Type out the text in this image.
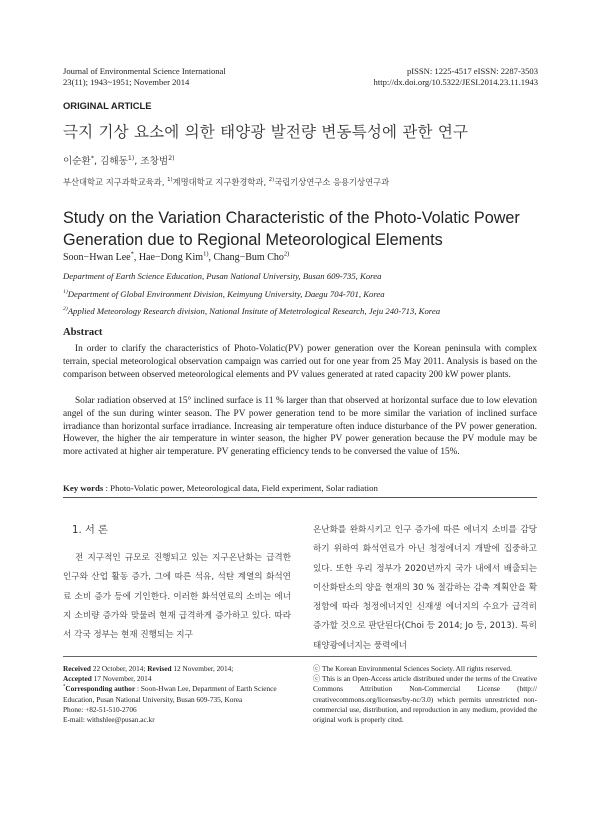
Journal of Environmental Science International
23(11); 1943~1951; November 2014
pISSN: 1225-4517 eISSN: 2287-3503
http://dx.doi.org/10.5322/JESI.2014.23.11.1943
ORIGINAL ARTICLE
극지 기상 요소에 의한 태양광 발전량 변동특성에 관한 연구
이순환*, 김해동$^{1)}$, 조창범$^{2)}$
부산대학교 지구과학교육과, $^{1)}$계명대학교 지구환경학과, $^{2)}$국립기상연구소 응용기상연구과
Study on the Variation Characteristic of the Photo-Volatic Power Generation due to Regional Meteorological Elements
Soon−Hwan Lee*, Hae−Dong Kim$^{1)}$, Chang−Bum Cho$^{2)}$
Department of Earth Science Education, Pusan National University, Busan 609-735, Korea
$^{1)}$Department of Global Environment Division, Keimyung University, Daegu 704-701, Korea
$^{2)}$Applied Meteorology Research division, National Insitute of Metetrological Research, Jeju 240-713, Korea
Abstract
In order to clarify the characteristics of Photo-Volatic(PV) power generation over the Korean peninsula with complex terrain, special meteorological observation campaign was carried out for one year from 25 May 2011. Analysis is based on the comparison between observed meteorological elements and PV values generated at rated capacity 200 kW power plants.
Solar radiation observed at 15° inclined surface is 11 % larger than that observed at horizontal surface due to low elevation angel of the sun during winter season. The PV power generation tend to be more similar the variation of inclined surface irradiance than horizontal surface irradiance. Increasing air temperature often induce disturbance of the PV power generation. However, the higher the air temperature in winter season, the higher PV power generation because the PV module may be more activated at higher air temperature. PV generating efficiency tends to be conversed the value of 15%.
Key words : Photo-Volatic power, Meteorological data, Field experiment, Solar radiation
1. 서 론
전 지구적인 규모로 진행되고 있는 지구온난화는 급격한 인구와 산업 활동 증가, 그에 따른 석유, 석탄 계열의 화석연료 소비 증가 등에 기인한다. 이러한 화석연료의 소비는 에너지 소비량 증가와 맞물려 현재 급격하게 증가하고 있다. 따라서 각국 정부는 현재 진행되는 지구
온난화를 완화시키고 인구 증가에 따른 에너지 소비를 감당하기 위하여 화석연료가 아닌 청정에너지 개발에 집중하고 있다. 또한 우리 정부가 2020년까지 국가 내에서 배출되는 이산화탄소의 양을 현재의 30 % 절감하는 감축 계획안을 확정함에 따라 청정에너지인 신재생 에너지의 수요가 급격히 증가할 것으로 판단된다(Choi 등 2014; Jo 등, 2013). 특히 태양광에너지는 풍력에너
Received 22 October, 2014; Revised 12 November, 2014;
Accepted 17 November, 2014
*Corresponding author : Soon-Hwan Lee, Department of Earth Science Education, Pusan National University, Busan 609-735, Korea
Phone: +82-51-510-2706
E-mail: withshlee@pusan.ac.kr
ⓒ The Korean Environmental Sciences Society. All rights reserved.
ⓒ This is an Open-Access article distributed under the terms of the Creative Commons Attribution Non-Commercial License (http:// creativecommons.org/licenses/by-nc/3.0) which permits unrestricted non-commercial use, distribution, and reproduction in any medium, provided the original work is properly cited.
